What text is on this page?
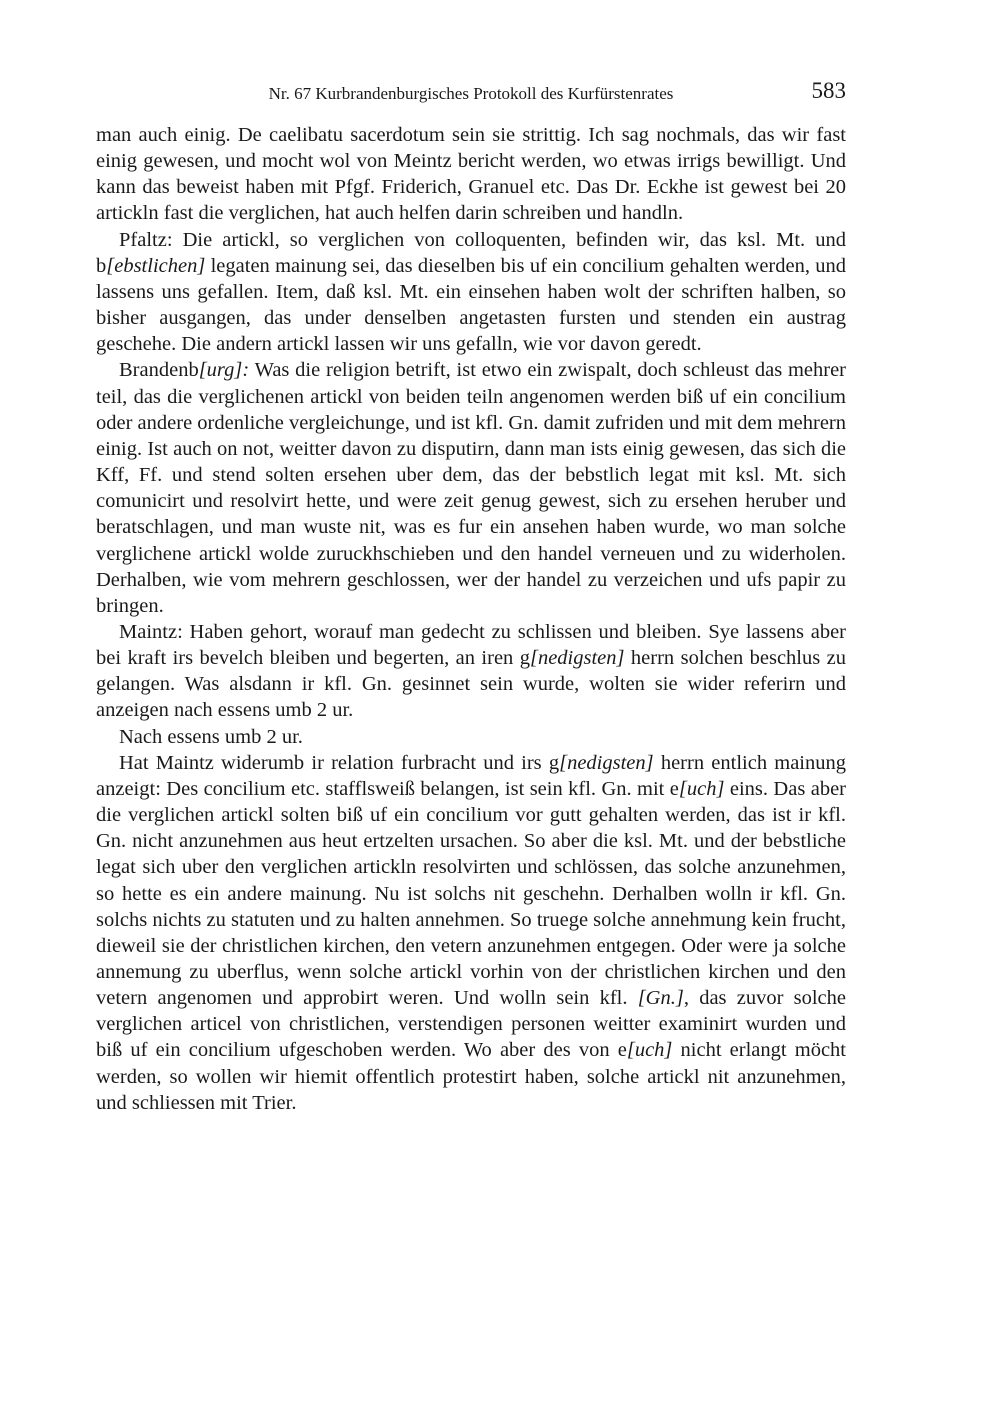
Nr. 67 Kurbrandenburgisches Protokoll des Kurfürstenrates	583

man auch einig. De caelibatu sacerdotum sein sie strittig. Ich sag nochmals, das wir fast einig gewesen, und mocht wol von Meintz bericht werden, wo etwas irrigs bewilligt. Und kann das beweist haben mit Pfgf. Friderich, Granuel etc. Das Dr. Eckhe ist gewest bei 20 artickln fast die verglichen, hat auch helfen darin schreiben und handln.

Pfaltz: Die artickl, so verglichen von colloquenten, befinden wir, das ksl. Mt. und b[ebstlichen] legaten mainung sei, das dieselben bis uf ein concilium gehalten werden, und lassens uns gefallen. Item, daß ksl. Mt. ein einsehen haben wolt der schriften halben, so bisher ausgangen, das under denselben angetasten fursten und stenden ein austrag geschehe. Die andern artickl lassen wir uns gefalln, wie vor davon geredt.

Brandenb[urg]: Was die religion betrift, ist etwo ein zwispalt, doch schleust das mehrer teil, das die verglichenen artickl von beiden teiln angenomen werden biß uf ein concilium oder andere ordenliche vergleichunge, und ist kfl. Gn. damit zufriden und mit dem mehrern einig. Ist auch on not, weitter davon zu disputirn, dann man ists einig gewesen, das sich die Kff, Ff. und stend solten ersehen uber dem, das der bebstlich legat mit ksl. Mt. sich comunicirt und resolvirt hette, und were zeit genug gewest, sich zu ersehen heruber und beratschlagen, und man wuste nit, was es fur ein ansehen haben wurde, wo man solche verglichene artickl wolde zuruckhschieben und den handel verneuen und zu widerholen. Derhalben, wie vom mehrern geschlossen, wer der handel zu verzeichen und ufs papir zu bringen.

Maintz: Haben gehort, worauf man gedecht zu schlissen und bleiben. Sye lassens aber bei kraft irs bevelch bleiben und begerten, an iren g[nedigsten] herrn solchen beschlus zu gelangen. Was alsdann ir kfl. Gn. gesinnet sein wurde, wolten sie wider referirn und anzeigen nach essens umb 2 ur.

Nach essens umb 2 ur.

Hat Maintz widerumb ir relation furbracht und irs g[nedigsten] herrn entlich mainung anzeigt: Des concilium etc. stafflsweiß belangen, ist sein kfl. Gn. mit e[uch] eins. Das aber die verglichen artickl solten biß uf ein concilium vor gutt gehalten werden, das ist ir kfl. Gn. nicht anzunehmen aus heut ertzelten ursachen. So aber die ksl. Mt. und der bebstliche legat sich uber den verglichen artickln resolvirten und schlössen, das solche anzunehmen, so hette es ein andere mainung. Nu ist solchs nit geschehn. Derhalben wolln ir kfl. Gn. solchs nichts zu statuten und zu halten annehmen. So truege solche annehmung kein frucht, dieweil sie der christlichen kirchen, den vetern anzunehmen entgegen. Oder were ja solche annemung zu uberflus, wenn solche artickl vorhin von der christlichen kirchen und den vetern angenomen und approbirt weren. Und wolln sein kfl. [Gn.], das zuvor solche verglichen articel von christlichen, verstendigen personen weitter examinirt wurden und biß uf ein concilium ufgeschoben werden. Wo aber des von e[uch] nicht erlangt möcht werden, so wollen wir hiemit offentlich protestirt haben, solche artickl nit anzunehmen, und schliessen mit Trier.
